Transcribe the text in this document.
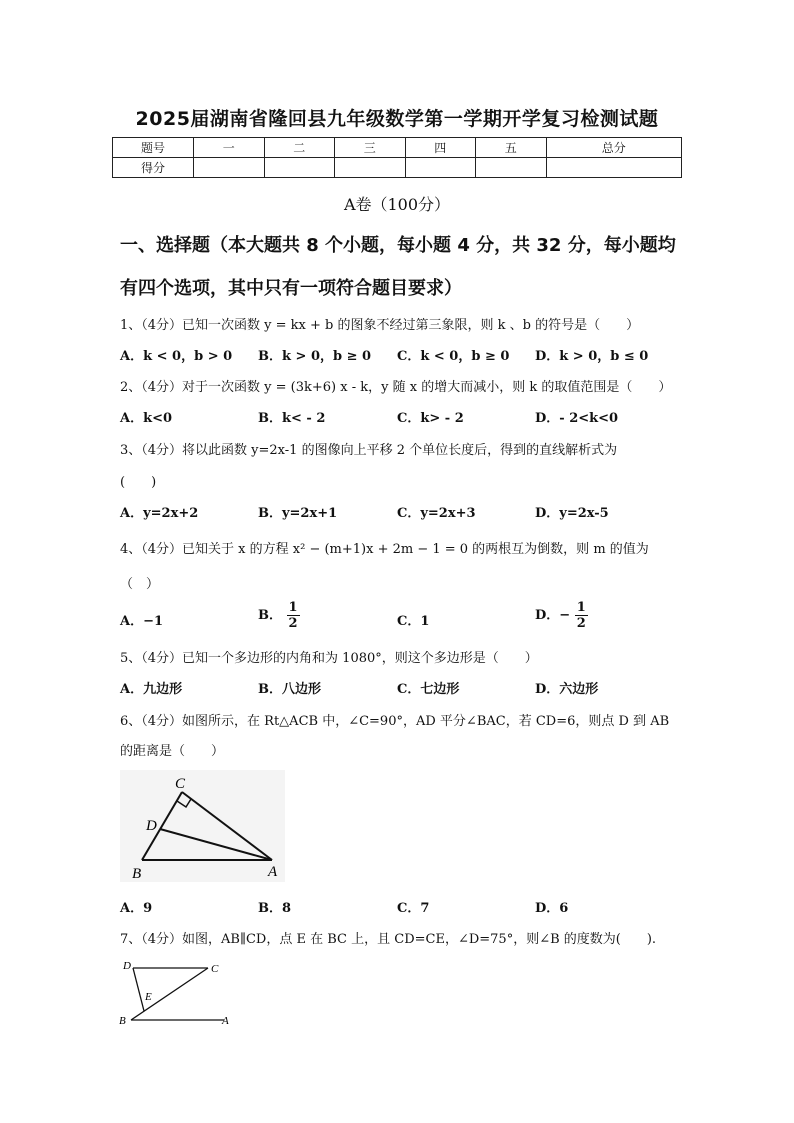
2025届湖南省隆回县九年级数学第一学期开学复习检测试题
题号	一	二	三	四	五	总分
得分						
A卷（100分）
一、选择题（本大题共 8 个小题，每小题 4 分，共 32 分，每小题均
有四个选项，其中只有一项符合题目要求）
1、（4分）已知一次函数 y = kx + b 的图象不经过第三象限，则 k 、b 的符号是（　　）
A．k < 0，b > 0 B．k > 0，b ≥ 0 C．k < 0，b ≥ 0 D．k > 0，b ≤ 0
2、（4分）对于一次函数 y = (3k+6) x - k，y 随 x 的增大而减小，则 k 的取值范围是（　　）
A．k<0	B．k< - 2	C．k> - 2	D．- 2<k<0
3、（4分）将以此函数 y=2x-1 的图像向上平移 2 个单位长度后，得到的直线解析式为
(　　)
A．y=2x+2	B．y=2x+1	C．y=2x+3	D．y=2x-5
4、（4分）已知关于 x 的方程 x² − (m+1)x + 2m − 1 = 0 的两根互为倒数，则 m 的值为
（　）
A．−1	B． $\frac{1}{2}$	C．1	D．− $\frac{1}{2}$
5、（4分）已知一个多边形的内角和为 1080°，则这个多边形是（　　）
A．九边形	B．八边形	C．七边形	D．六边形
6、（4分）如图所示，在 Rt△ACB 中，∠C=90°，AD 平分∠BAC，若 CD=6，则点 D 到 AB
的距离是（　　）
C
D
B	A
A．9	B．8	C．7	D．6
7、（4分）如图，AB∥CD，点 E 在 BC 上，且 CD=CE，∠D=75°，则∠B 的度数为(　　).
D	C
E
B	A
